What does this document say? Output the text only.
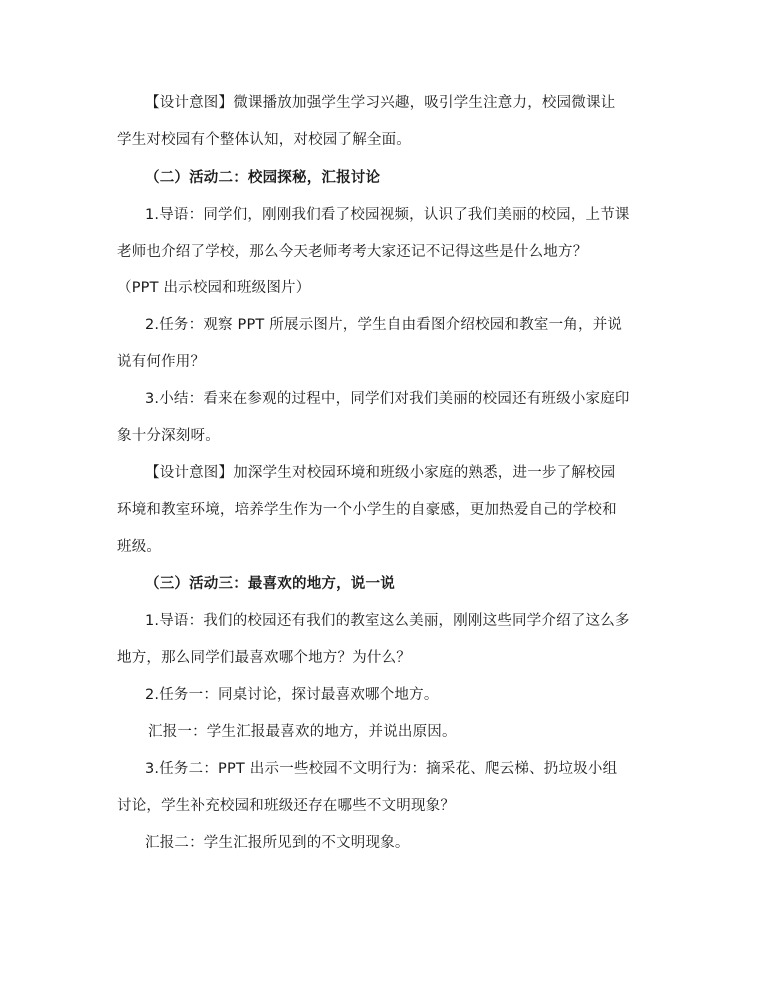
【设计意图】微课播放加强学生学习兴趣，吸引学生注意力，校园微课让
学生对校园有个整体认知，对校园了解全面。
（二）活动二：校园探秘，汇报讨论
1.导语：同学们，刚刚我们看了校园视频，认识了我们美丽的校园，上节课
老师也介绍了学校，那么今天老师考考大家还记不记得这些是什么地方？
（PPT 出示校园和班级图片）
2.任务：观察 PPT 所展示图片，学生自由看图介绍校园和教室一角，并说
说有何作用？
3.小结：看来在参观的过程中，同学们对我们美丽的校园还有班级小家庭印
象十分深刻呀。
【设计意图】加深学生对校园环境和班级小家庭的熟悉，进一步了解校园
环境和教室环境，培养学生作为一个小学生的自豪感，更加热爱自己的学校和
班级。
（三）活动三：最喜欢的地方，说一说
1.导语：我们的校园还有我们的教室这么美丽，刚刚这些同学介绍了这么多
地方，那么同学们最喜欢哪个地方？为什么？
2.任务一：同桌讨论，探讨最喜欢哪个地方。
汇报一：学生汇报最喜欢的地方，并说出原因。
3.任务二：PPT 出示一些校园不文明行为：摘采花、爬云梯、扔垃圾小组
讨论，学生补充校园和班级还存在哪些不文明现象？
汇报二：学生汇报所见到的不文明现象。
